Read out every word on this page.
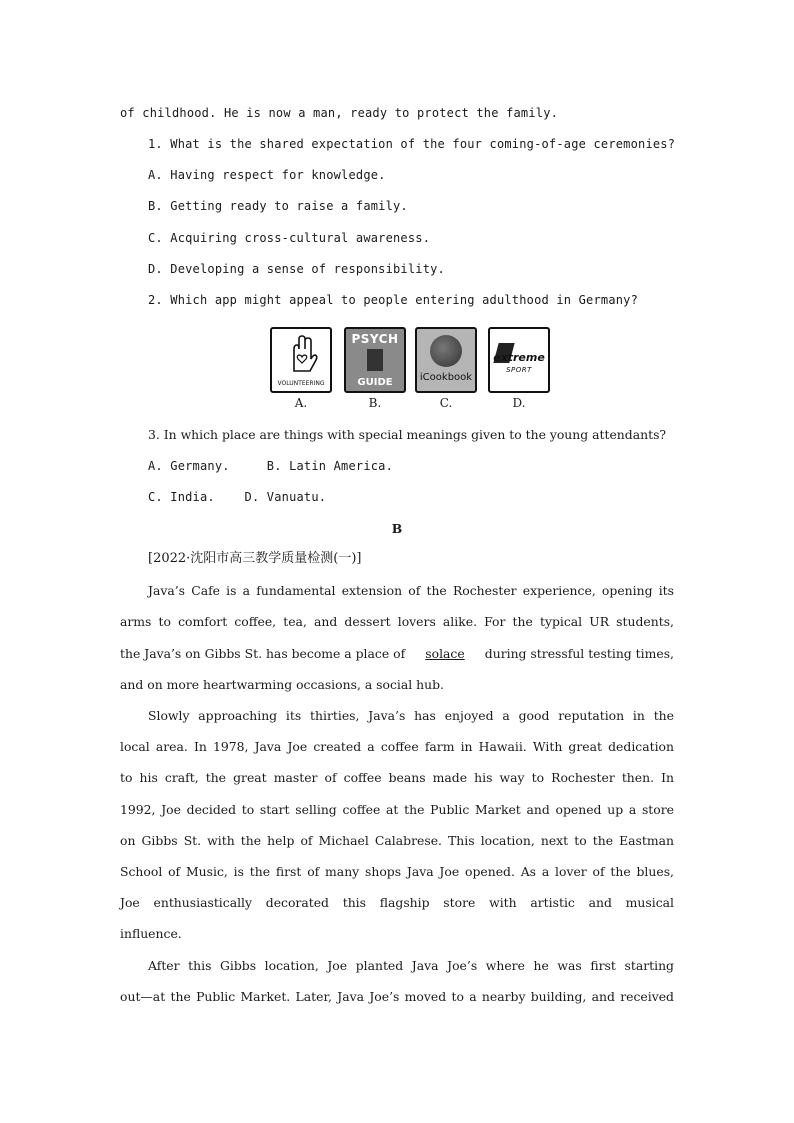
of childhood. He is now a man, ready to protect the family.
1. What is the shared expectation of the four coming-of-age ceremonies?
A. Having respect for knowledge.
B. Getting ready to raise a family.
C. Acquiring cross-cultural awareness.
D. Developing a sense of responsibility.
2. Which app might appeal to people entering adulthood in Germany?
VOLUNTEERING
A.
PSYCH
GUIDE
B.
iCookbook
C.
extreme
SPORT
D.
3. In which place are things with special meanings given to the young attendants?
A. Germany.     B. Latin America.
C. India.    D. Vanuatu.
B
[2022·沈阳市高三教学质量检测(一)]
Java’s Cafe is a fundamental extension of the Rochester experience, opening its
arms to comfort coffee, tea, and dessert lovers alike. For the typical UR students,
the Java’s on Gibbs St. has become a place of solace during stressful testing times,
and on more heartwarming occasions, a social hub.
Slowly approaching its thirties, Java’s has enjoyed a good reputation in the
local area. In 1978, Java Joe created a coffee farm in Hawaii. With great dedication
to his craft, the great master of coffee beans made his way to Rochester then. In
1992, Joe decided to start selling coffee at the Public Market and opened up a store
on Gibbs St. with the help of Michael Calabrese. This location, next to the Eastman
School of Music, is the first of many shops Java Joe opened. As a lover of the blues,
Joe enthusiastically decorated this flagship store with artistic and musical
influence.
After this Gibbs location, Joe planted Java Joe’s where he was first starting
out—at the Public Market. Later, Java Joe’s moved to a nearby building, and received
